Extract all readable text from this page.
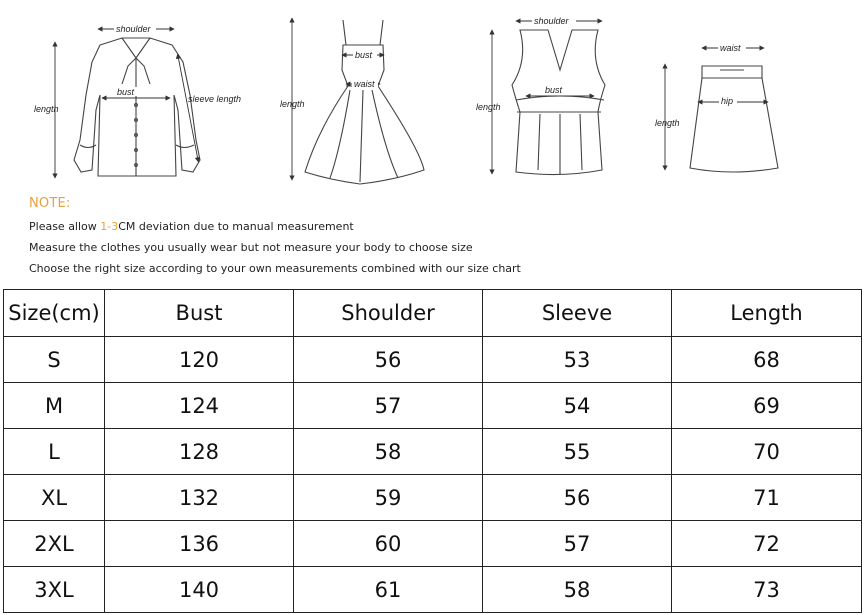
shoulder
bust
length
sleeve length
bust
waist
length
shoulder
bust
length
waist
hip
length
NOTE:
Please allow 1-3CM deviation due to manual measurement
Measure the clothes you usually wear but not measure your body to choose size
Choose the right size according to your own measurements combined with our size chart
Size(cm)	Bust	Shoulder	Sleeve	Length
S	120	56	53	68
M	124	57	54	69
L	128	58	55	70
XL	132	59	56	71
2XL	136	60	57	72
3XL	140	61	58	73
